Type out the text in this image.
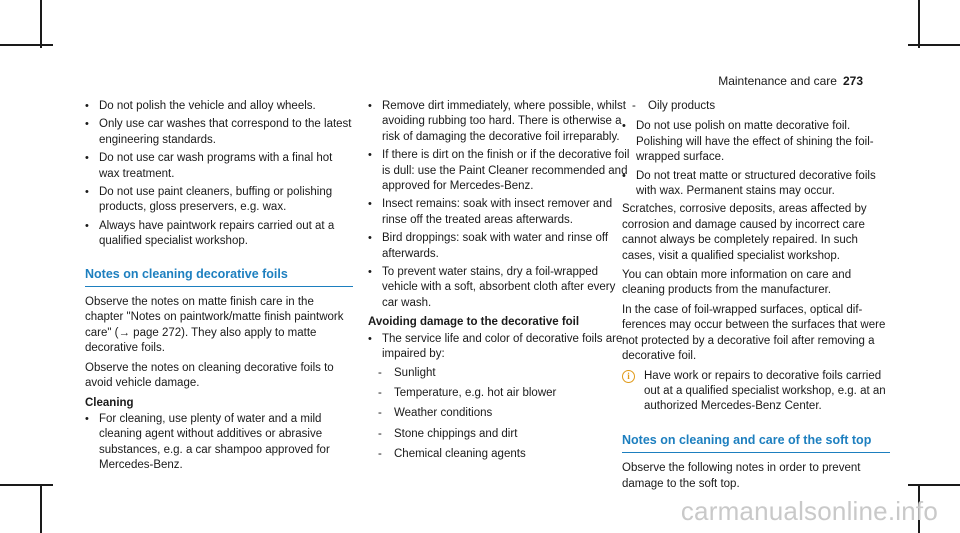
Maintenance and care 273
• Do not polish the vehicle and alloy wheels.
• Only use car washes that correspond to the latest engineering standards.
• Do not use car wash programs with a final hot wax treatment.
• Do not use paint cleaners, buffing or polishing products, gloss preservers, e.g. wax.
• Always have paintwork repairs carried out at a qualified specialist workshop.
Notes on cleaning decorative foils
Observe the notes on matte finish care in the chapter "Notes on paintwork/matte finish paintwork care" (→ page 272). They also apply to matte decorative foils.
Observe the notes on cleaning decorative foils to avoid vehicle damage.
Cleaning
• For cleaning, use plenty of water and a mild cleaning agent without additives or abrasive substances, e.g. a car shampoo approved for Mercedes-Benz.
• Remove dirt immediately, where possible, whilst avoiding rubbing too hard. There is otherwise a risk of damaging the decorative foil irreparably.
• If there is dirt on the finish or if the decorative foil is dull: use the Paint Cleaner recommended and approved for Mercedes-Benz.
• Insect remains: soak with insect remover and rinse off the treated areas afterwards.
• Bird droppings: soak with water and rinse off afterwards.
• To prevent water stains, dry a foil-wrapped vehicle with a soft, absorbent cloth after every car wash.
Avoiding damage to the decorative foil
• The service life and color of decorative foils are impaired by:
- Sunlight
- Temperature, e.g. hot air blower
- Weather conditions
- Stone chippings and dirt
- Chemical cleaning agents
- Oily products
• Do not use polish on matte decorative foil. Polishing will have the effect of shining the foil-wrapped surface.
• Do not treat matte or structured decorative foils with wax. Permanent stains may occur.
Scratches, corrosive deposits, areas affected by corrosion and damage caused by incorrect care cannot always be completely repaired. In such cases, visit a qualified specialist workshop.
You can obtain more information on care and cleaning products from the manufacturer.
In the case of foil-wrapped surfaces, optical differences may occur between the surfaces that were not protected by a decorative foil after removing a decorative foil.
i	Have work or repairs to decorative foils carried out at a qualified specialist workshop, e.g. at an authorized Mercedes-Benz Center.
Notes on cleaning and care of the soft top
Observe the following notes in order to prevent damage to the soft top.
carmanualsonline.info
